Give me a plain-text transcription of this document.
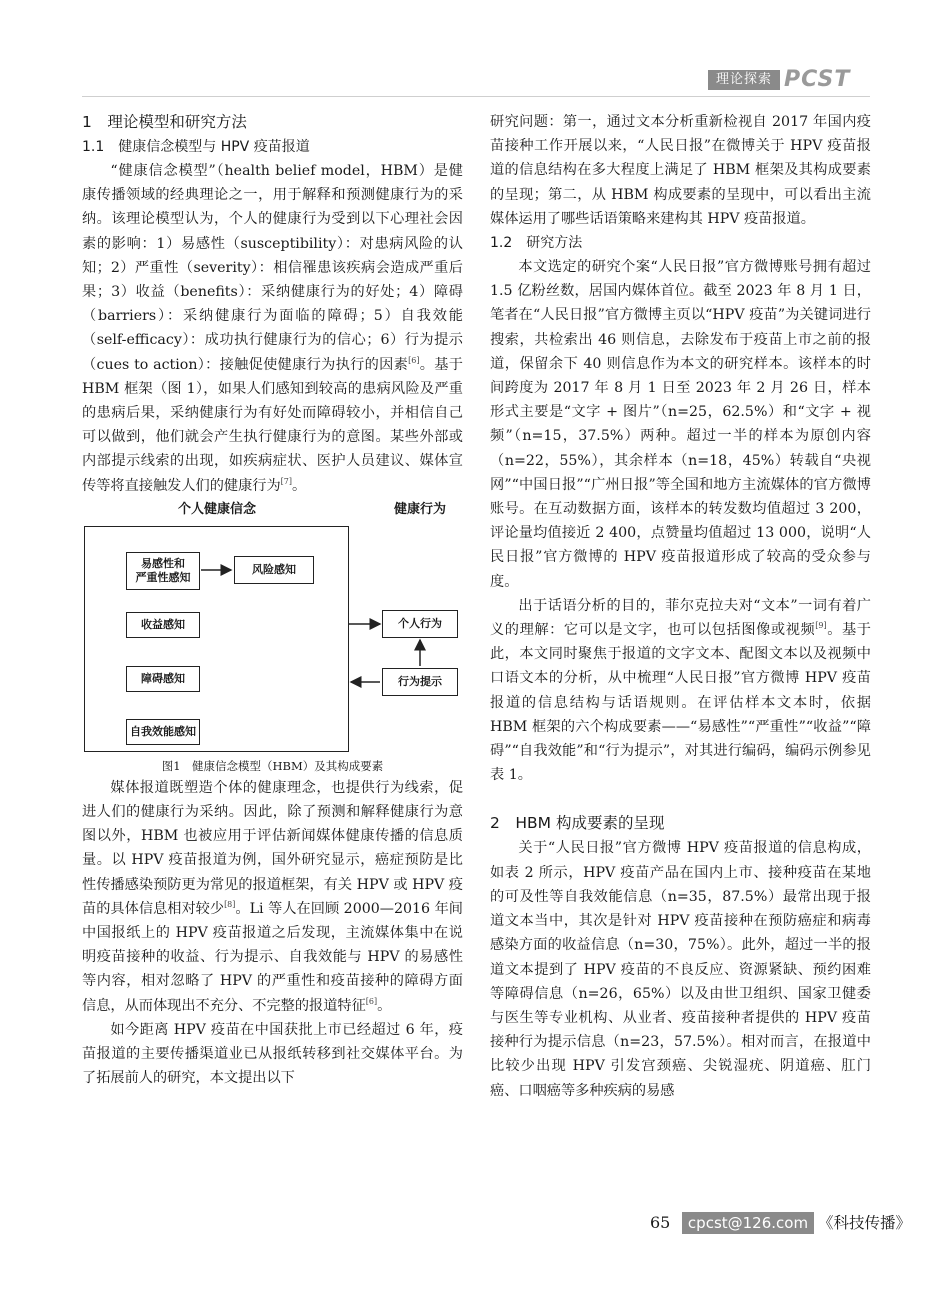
理论探索 PCST
1　理论模型和研究方法
1.1　健康信念模型与 HPV 疫苗报道

“健康信念模型”（health belief model，HBM）是健康传播领域的经典理论之一，用于解释和预测健康行为的采纳。该理论模型认为，个人的健康行为受到以下心理社会因素的影响：1）易感性（susceptibility）：对患病风险的认知；2）严重性（severity）：相信罹患该疾病会造成严重后果；3）收益（benefits）：采纳健康行为的好处；4）障碍（barriers）：采纳健康行为面临的障碍；5）自我效能（self-efficacy）：成功执行健康行为的信心；6）行为提示（cues to action）：接触促使健康行为执行的因素[6]。基于 HBM 框架（图 1），如果人们感知到较高的患病风险及严重的患病后果，采纳健康行为有好处而障碍较小，并相信自己可以做到，他们就会产生执行健康行为的意图。某些外部或内部提示线索的出现，如疾病症状、医护人员建议、媒体宣传等将直接触发人们的健康行为[7]。

个人健康信念	健康行为
易感性和
严重性感知
风险感知
收益感知
障碍感知
自我效能感知
个人行为
行为提示
图1　健康信念模型（HBM）及其构成要素

媒体报道既塑造个体的健康理念，也提供行为线索，促进人们的健康行为采纳。因此，除了预测和解释健康行为意图以外，HBM 也被应用于评估新闻媒体健康传播的信息质量。以 HPV 疫苗报道为例，国外研究显示，癌症预防是比性传播感染预防更为常见的报道框架，有关 HPV 或 HPV 疫苗的具体信息相对较少[8]。Li 等人在回顾 2000—2016 年间中国报纸上的 HPV 疫苗报道之后发现，主流媒体集中在说明疫苗接种的收益、行为提示、自我效能与 HPV 的易感性等内容，相对忽略了 HPV 的严重性和疫苗接种的障碍方面信息，从而体现出不充分、不完整的报道特征[6]。

如今距离 HPV 疫苗在中国获批上市已经超过 6 年，疫苗报道的主要传播渠道业已从报纸转移到社交媒体平台。为了拓展前人的研究，本文提出以下

研究问题：第一，通过文本分析重新检视自 2017 年国内疫苗接种工作开展以来，“人民日报”在微博关于 HPV 疫苗报道的信息结构在多大程度上满足了 HBM 框架及其构成要素的呈现；第二，从 HBM 构成要素的呈现中，可以看出主流媒体运用了哪些话语策略来建构其 HPV 疫苗报道。

1.2　研究方法

本文选定的研究个案“人民日报”官方微博账号拥有超过 1.5 亿粉丝数，居国内媒体首位。截至 2023 年 8 月 1 日，笔者在“人民日报”官方微博主页以“HPV 疫苗”为关键词进行搜索，共检索出 46 则信息，去除发布于疫苗上市之前的报道，保留余下 40 则信息作为本文的研究样本。该样本的时间跨度为 2017 年 8 月 1 日至 2023 年 2 月 26 日，样本形式主要是“文字 + 图片”（n=25，62.5%）和“文字 + 视频”（n=15，37.5%）两种。超过一半的样本为原创内容（n=22，55%），其余样本（n=18，45%）转载自“央视网”“中国日报”“广州日报”等全国和地方主流媒体的官方微博账号。在互动数据方面，该样本的转发数均值超过 3 200，评论量均值接近 2 400，点赞量均值超过 13 000，说明“人民日报”官方微博的 HPV 疫苗报道形成了较高的受众参与度。

出于话语分析的目的，菲尔克拉夫对“文本”一词有着广义的理解：它可以是文字，也可以包括图像或视频[9]。基于此，本文同时聚焦于报道的文字文本、配图文本以及视频中口语文本的分析，从中梳理“人民日报”官方微博 HPV 疫苗报道的信息结构与话语规则。在评估样本文本时，依据 HBM 框架的六个构成要素——“易感性”“严重性”“收益”“障碍”“自我效能”和“行为提示”，对其进行编码，编码示例参见表 1。

2　HBM 构成要素的呈现

关于“人民日报”官方微博 HPV 疫苗报道的信息构成，如表 2 所示，HPV 疫苗产品在国内上市、接种疫苗在某地的可及性等自我效能信息（n=35，87.5%）最常出现于报道文本当中，其次是针对 HPV 疫苗接种在预防癌症和病毒感染方面的收益信息（n=30，75%）。此外，超过一半的报道文本提到了 HPV 疫苗的不良反应、资源紧缺、预约困难等障碍信息（n=26，65%）以及由世卫组织、国家卫健委与医生等专业机构、从业者、疫苗接种者提供的 HPV 疫苗接种行为提示信息（n=23，57.5%）。相对而言，在报道中比较少出现 HPV 引发宫颈癌、尖锐湿疣、阴道癌、肛门癌、口咽癌等多种疾病的易感

65	cpcst@126.com 《科技传播》
